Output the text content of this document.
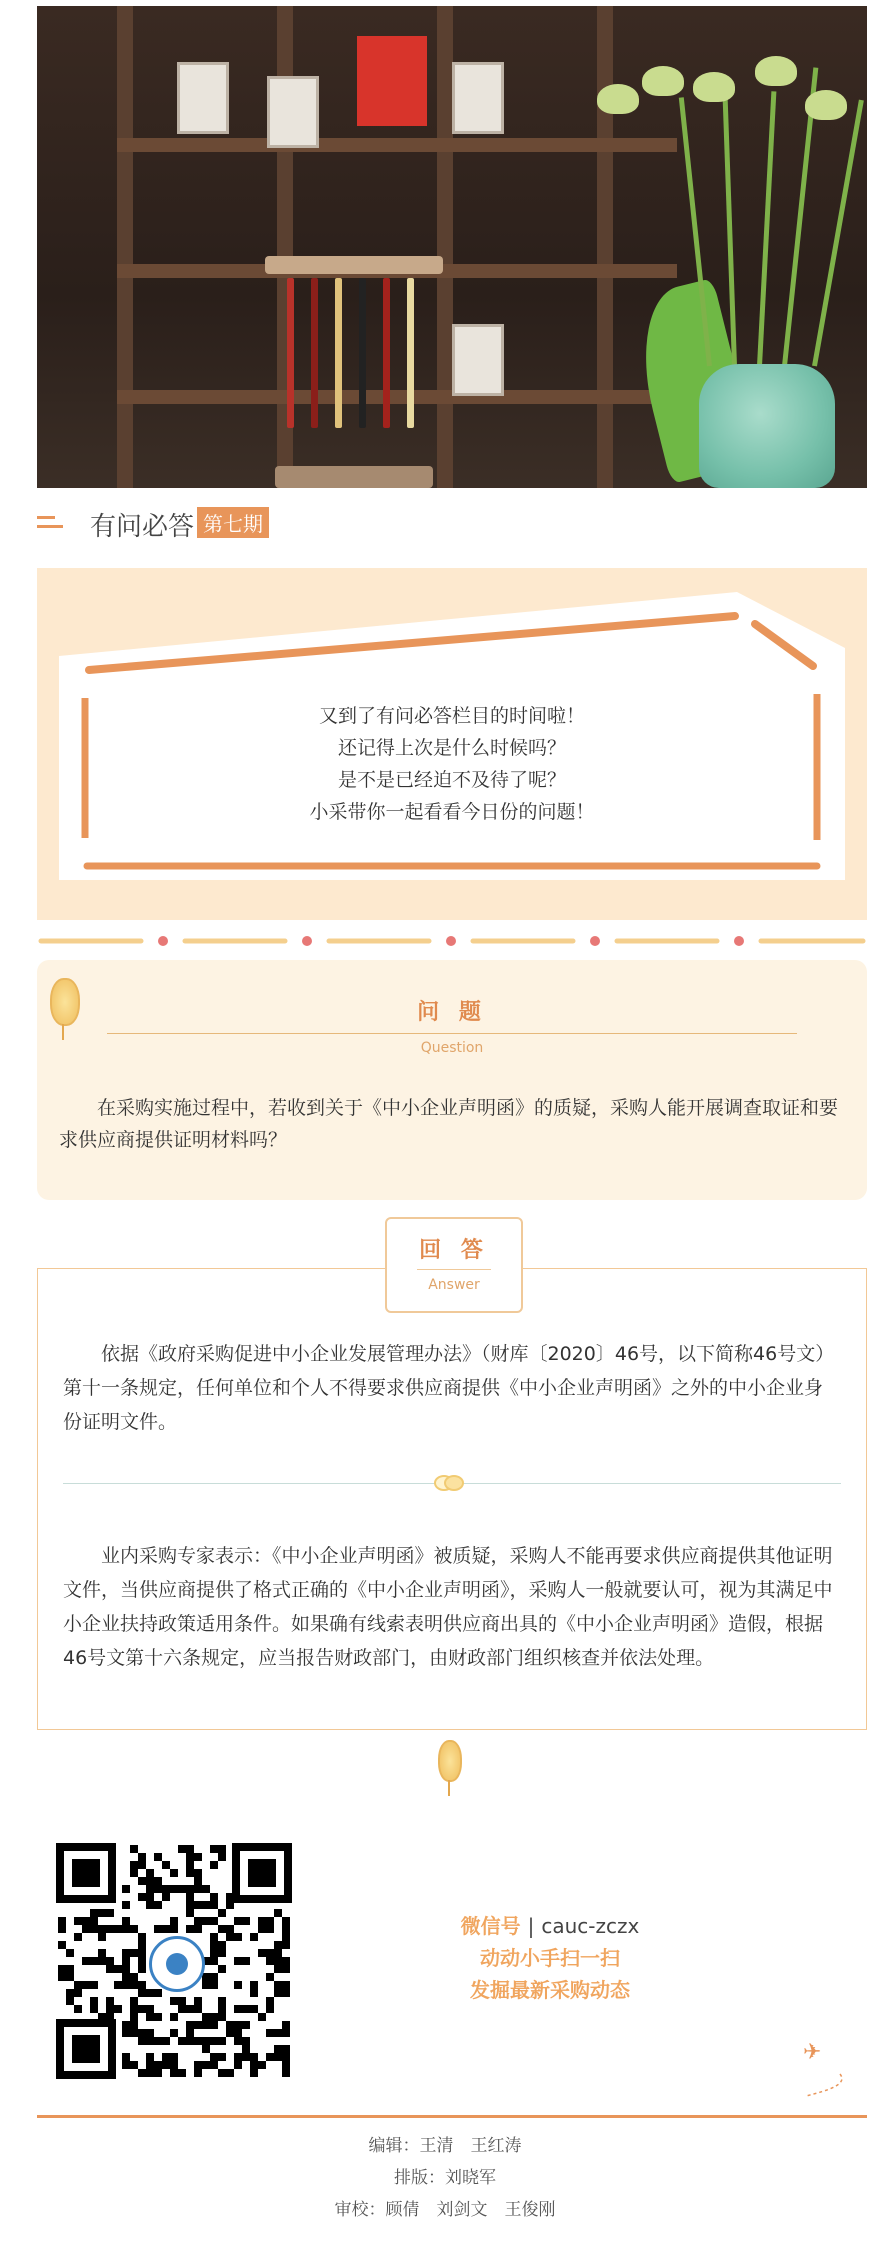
有问必答 第七期
又到了有问必答栏目的时间啦！
还记得上次是什么时候吗？
是不是已经迫不及待了呢？
小采带你一起看看今日份的问题！
问 题
Question
在采购实施过程中，若收到关于《中小企业声明函》的质疑，采购人能开展调查取证和要求供应商提供证明材料吗？
依据《政府采购促进中小企业发展管理办法》（财库〔2020〕46号，以下简称46号文）第十一条规定，任何单位和个人不得要求供应商提供《中小企业声明函》之外的中小企业身份证明文件。
业内采购专家表示：《中小企业声明函》被质疑，采购人不能再要求供应商提供其他证明文件，当供应商提供了格式正确的《中小企业声明函》，采购人一般就要认可，视为其满足中小企业扶持政策适用条件。如果确有线索表明供应商出具的《中小企业声明函》造假，根据46号文第十六条规定，应当报告财政部门，由财政部门组织核查并依法处理。
回 答
Answer
微信号 | cauc-zczx
动动小手扫一扫
发掘最新采购动态
✈
编辑：王清　王红涛
排版：刘晓军
审校：顾倩　刘剑文　王俊刚
